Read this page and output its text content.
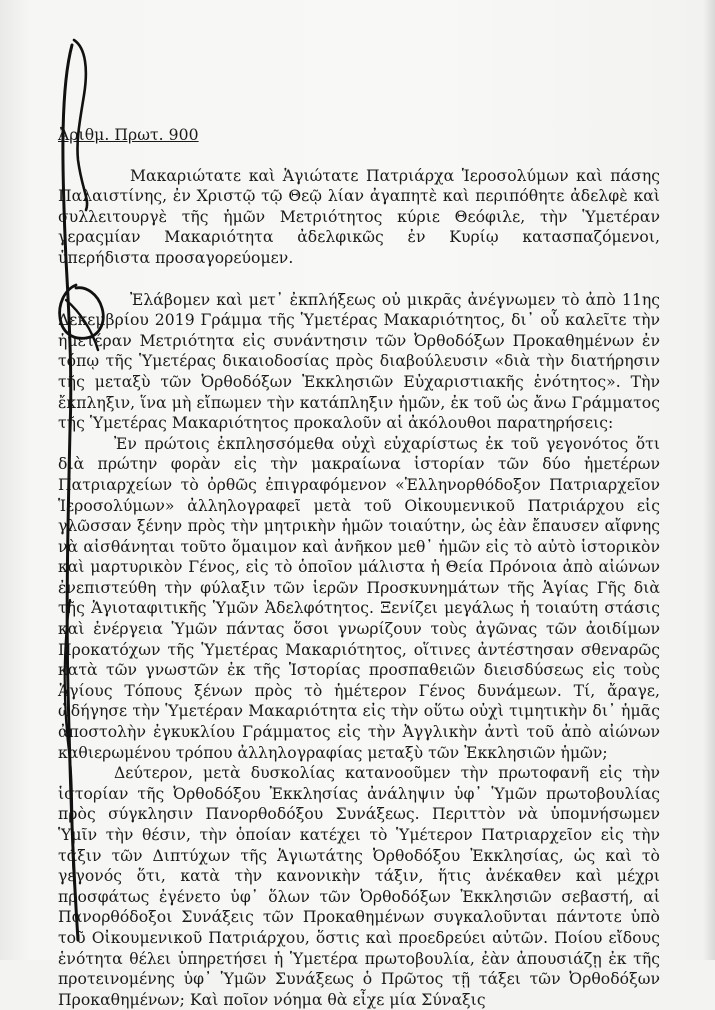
Ἀριθμ. Πρωτ. 900

Μακαριώτατε καὶ Ἁγιώτατε Πατριάρχα Ἱεροσολύμων καὶ πάσης Παλαιστίνης, ἐν Χριστῷ τῷ Θεῷ λίαν ἀγαπητὲ καὶ περιπόθητε ἀδελφὲ καὶ συλλειτουργὲ τῆς ἡμῶν Μετριότητος κύριε Θεόφιλε, τὴν Ὑμετέραν γεραςμίαν Μακαριότητα ἀδελφικῶς ἐν Κυρίῳ κατασπαζόμενοι, ὑπερήδιστα προσαγορεύομεν.

Ἐλάβομεν καὶ μετ᾽ ἐκπλήξεως οὐ μικρᾶς ἀνέγνωμεν τὸ ἀπὸ 11ης Δεκεμβρίου 2019 Γράμμα τῆς Ὑμετέρας Μακαριότητος, δι᾽ οὗ καλεῖτε τὴν ἡμετέραν Μετριότητα εἰς συνάντησιν τῶν Ὀρθοδόξων Προκαθημένων ἐν τόπῳ τῆς Ὑμετέρας δικαιοδοσίας πρὸς διαβούλευσιν «διὰ τὴν διατήρησιν τῆς μεταξὺ τῶν Ὀρθοδόξων Ἐκκλησιῶν Εὐχαριστιακῆς ἑνότητος». Τὴν ἔκπληξιν, ἵνα μὴ εἴπωμεν τὴν κατάπληξιν ἡμῶν, ἐκ τοῦ ὡς ἄνω Γράμματος τῆς Ὑμετέρας Μακαριότητος προκαλοῦν αἱ ἀκόλουθοι παρατηρήσεις:

Ἐν πρώτοις ἐκπλησσόμεθα οὐχὶ εὐχαρίστως ἐκ τοῦ γεγονότος ὅτι διὰ πρώτην φορὰν εἰς τὴν μακραίωνα ἱστορίαν τῶν δύο ἡμετέρων Πατριαρχείων τὸ ὀρθῶς ἐπιγραφόμενον «Ἑλληνορθόδοξον Πατριαρχεῖον Ἱεροσολύμων» ἀλληλογραφεῖ μετὰ τοῦ Οἰκουμενικοῦ Πατριάρχου εἰς γλῶσσαν ξένην πρὸς τὴν μητρικὴν ἡμῶν τοιαύτην, ὡς ἐὰν ἔπαυσεν αἴφνης νὰ αἰσθάνηται τοῦτο ὅμαιμον καὶ ἀνῆκον μεθ᾽ ἡμῶν εἰς τὸ αὐτὸ ἱστορικὸν καὶ μαρτυρικὸν Γένος, εἰς τὸ ὁποῖον μάλιστα ἡ Θεία Πρόνοια ἀπὸ αἰώνων ἐνεπιστεύθη τὴν φύλαξιν τῶν ἱερῶν Προσκυνημάτων τῆς Ἁγίας Γῆς διὰ τῆς Ἁγιοταφιτικῆς Ὑμῶν Ἀδελφότητος. Ξενίζει μεγάλως ἡ τοιαύτη στάσις καὶ ἐνέργεια Ὑμῶν πάντας ὅσοι γνωρίζουν τοὺς ἀγῶνας τῶν ἀοιδίμων Προκατόχων τῆς Ὑμετέρας Μακαριότητος, οἵτινες ἀντέστησαν σθεναρῶς κατὰ τῶν γνωστῶν ἐκ τῆς Ἱστορίας προσπαθειῶν διεισδύσεως εἰς τοὺς Ἁγίους Τόπους ξένων πρὸς τὸ ἡμέτερον Γένος δυνάμεων. Τί, ἄραγε, ὡδήγησε τὴν Ὑμετέραν Μακαριότητα εἰς τὴν οὕτω οὐχὶ τιμητικὴν δι᾽ ἡμᾶς ἀποστολὴν ἐγκυκλίου Γράμματος εἰς τὴν Ἀγγλικὴν ἀντὶ τοῦ ἀπὸ αἰώνων καθιερωμένου τρόπου ἀλληλογραφίας μεταξὺ τῶν Ἐκκλησιῶν ἡμῶν;

Δεύτερον, μετὰ δυσκολίας κατανοοῦμεν τὴν πρωτοφανῆ εἰς τὴν ἱστορίαν τῆς Ὀρθοδόξου Ἐκκλησίας ἀνάληψιν ὑφ᾽ Ὑμῶν πρωτοβουλίας πρὸς σύγκλησιν Πανορθοδόξου Συνάξεως. Περιττὸν νὰ ὑπομνήσωμεν Ὑμῖν τὴν θέσιν, τὴν ὁποίαν κατέχει τὸ Ὑμέτερον Πατριαρχεῖον εἰς τὴν τάξιν τῶν Διπτύχων τῆς Ἁγιωτάτης Ὀρθοδόξου Ἐκκλησίας, ὡς καὶ τὸ γεγονός ὅτι, κατὰ τὴν κανονικὴν τάξιν, ἥτις ἀνέκαθεν καὶ μέχρι προσφάτως ἐγένετο ὑφ᾽ ὅλων τῶν Ὀρθοδόξων Ἐκκλησιῶν σεβαστή, αἱ Πανορθόδοξοι Συνάξεις τῶν Προκαθημένων συγκαλοῦνται πάντοτε ὑπὸ τοῦ Οἰκουμενικοῦ Πατριάρχου, ὅστις καὶ προεδρεύει αὐτῶν. Ποίου εἴδους ἑνότητα θέλει ὑπηρετήσει ἡ Ὑμετέρα πρωτοβουλία, ἐὰν ἀπουσιάζῃ ἐκ τῆς προτεινομένης ὑφ᾽ Ὑμῶν Συνάξεως ὁ Πρῶτος τῇ τάξει τῶν Ὀρθοδόξων Προκαθημένων; Καὶ ποῖον νόημα θὰ εἶχε μία Σύναξις
